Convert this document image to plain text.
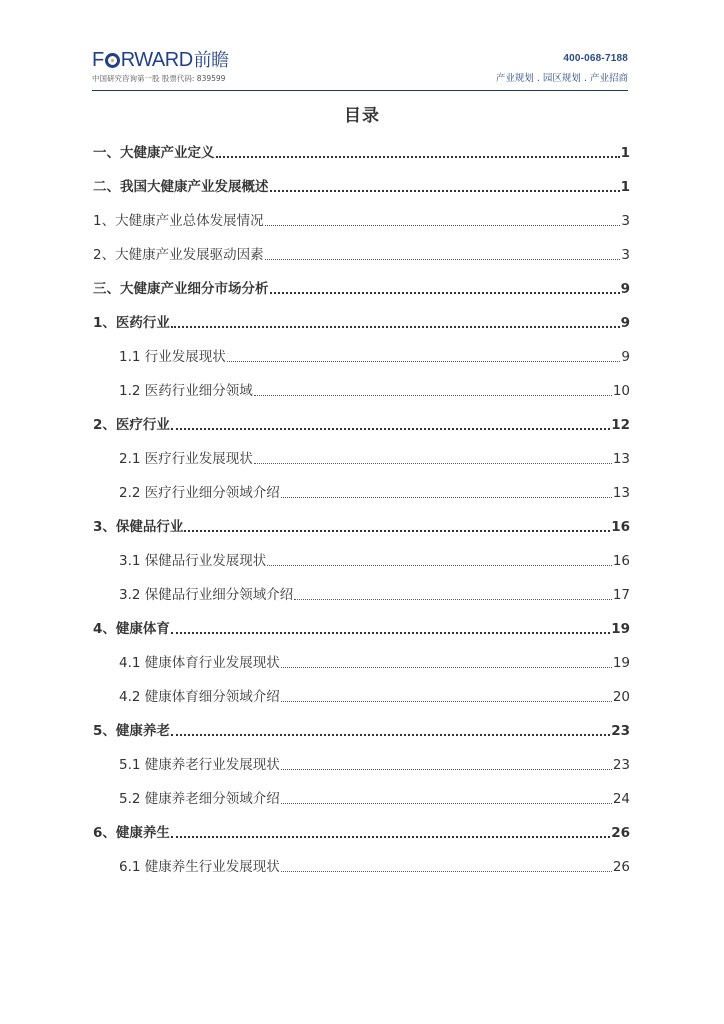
F RWARD 前瞻
中国研究咨询第一股 股票代码: 839599
400-068-7188
产业规划 . 园区规划 . 产业招商
目录
一、大健康产业定义	1
二、我国大健康产业发展概述	1
1、大健康产业总体发展情况	3
2、大健康产业发展驱动因素	3
三、大健康产业细分市场分析	9
1、医药行业	9
1.1 行业发展现状	9
1.2 医药行业细分领域	10
2、医疗行业	12
2.1 医疗行业发展现状	13
2.2 医疗行业细分领域介绍	13
3、保健品行业	16
3.1 保健品行业发展现状	16
3.2 保健品行业细分领域介绍	17
4、健康体育	19
4.1 健康体育行业发展现状	19
4.2 健康体育细分领域介绍	20
5、健康养老	23
5.1 健康养老行业发展现状	23
5.2 健康养老细分领域介绍	24
6、健康养生	26
6.1 健康养生行业发展现状	26
